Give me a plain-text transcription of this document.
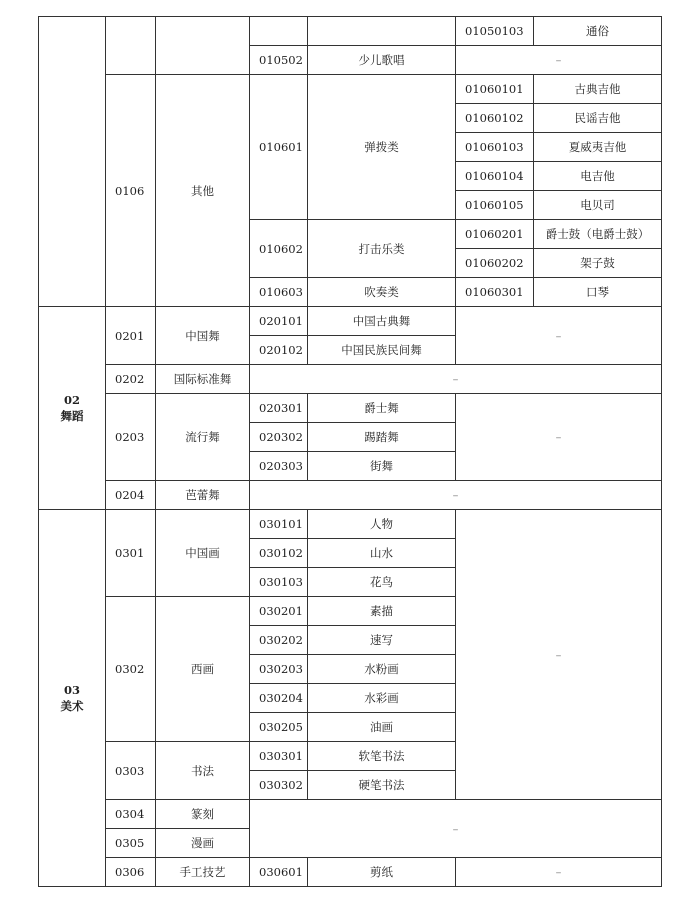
					01050103	通俗
			010502	少儿歌唱	–	
	0106	其他	010601	弹拨类	01060101	古典吉他
					01060102	民谣吉他
					01060103	夏威夷吉他
					01060104	电吉他
					01060105	电贝司
			010602	打击乐类	01060201	爵士鼓（电爵士鼓）
					01060202	架子鼓
			010603	吹奏类	01060301	口琴

02
舞蹈	0201	中国舞	020101	中国古典舞	–	
			020102	中国民族民间舞		
	0202	国际标准舞	–			
	0203	流行舞	020301	爵士舞	–	
			020302	踢踏舞		
			020303	街舞		
	0204	芭蕾舞	–			

03
美术	0301	中国画	030101	人物	–	
			030102	山水		
			030103	花鸟		
	0302	西画	030201	素描		
			030202	速写		
			030203	水粉画		
			030204	水彩画		
			030205	油画		
	0303	书法	030301	软笔书法		
			030302	硬笔书法		
	0304	篆刻	–			
	0305	漫画				
	0306	手工技艺	030601	剪纸	–	
